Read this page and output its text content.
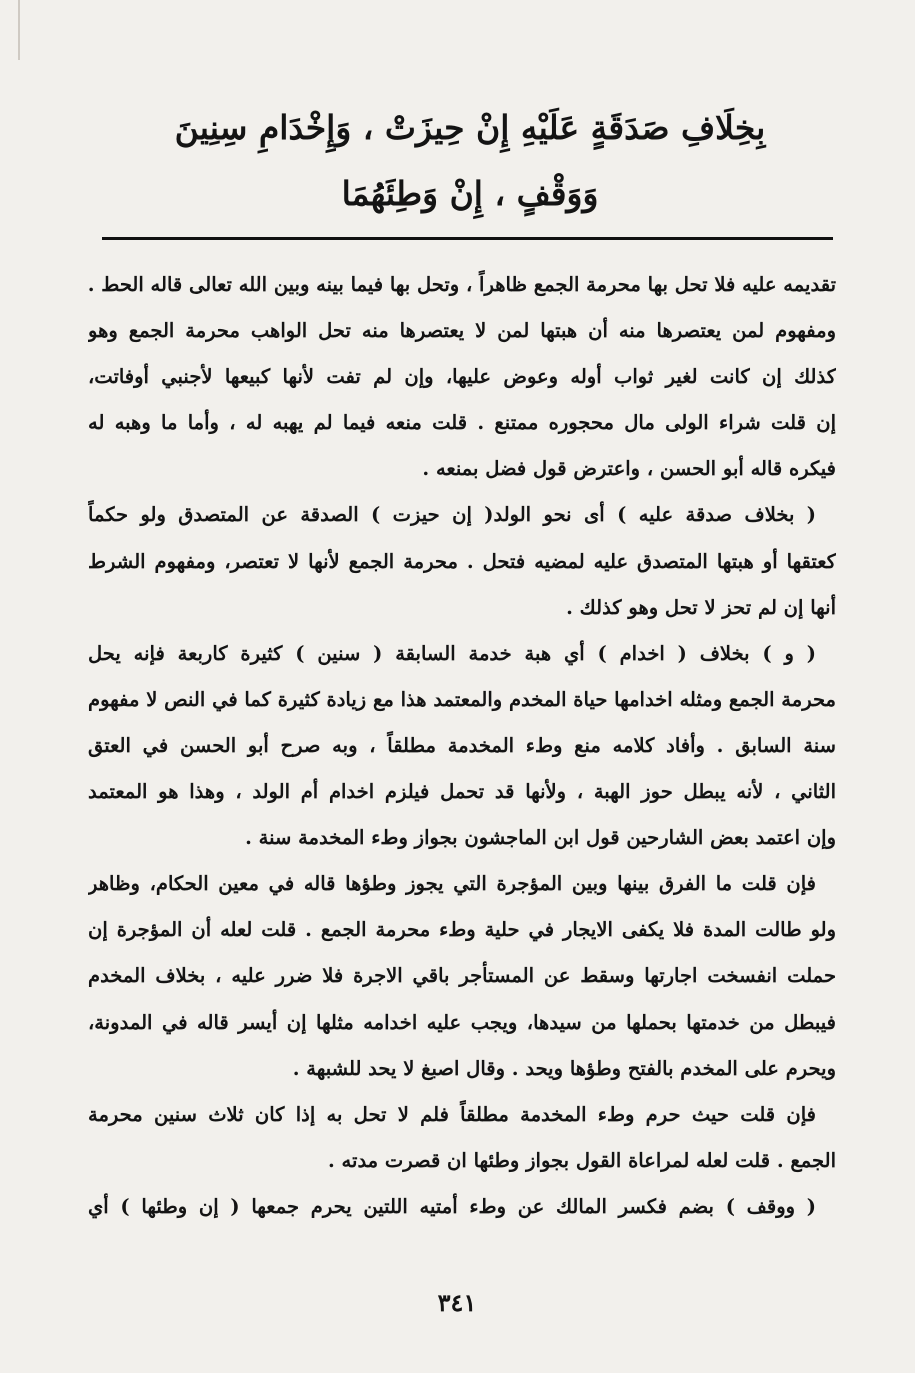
بِخِلَافِ صَدَقَةٍ عَلَيْهِ إِنْ حِيزَتْ ، وَإِخْدَامِ سِنِينَ
وَوَقْفٍ ، إِنْ وَطِئَهُمَا
تقديمه عليه فلا تحل بها محرمة الجمع ظاهراً ، وتحل بها فيما بينه وبين الله تعالى قاله الحط .
ومفهوم لمن يعتصرها منه أن هبتها لمن لا يعتصرها منه تحل الواهب محرمة الجمع وهو
كذلك إن كانت لغير ثواب أوله وعوض عليها، وإن لم تفت لأنها كبيعها لأجنبي أوفاتت،
إن قلت شراء الولى مال محجوره ممتنع . قلت منعه فيما لم يهبه له ، وأما ما وهبه له
فيكره قاله أبو الحسن ، واعترض قول فضل بمنعه .
( بخلاف صدقة عليه ) أى نحو الولد( إن حيزت ) الصدقة عن المتصدق ولو حكماً
كعتقها أو هبتها المتصدق عليه لمضيه فتحل . محرمة الجمع لأنها لا تعتصر، ومفهوم الشرط
أنها إن لم تحز لا تحل وهو كذلك .
( و ) بخلاف ( اخدام ) أي هبة خدمة السابقة ( سنين ) كثيرة كاربعة فإنه يحل
محرمة الجمع ومثله اخدامها حياة المخدم والمعتمد هذا مع زيادة كثيرة كما في النص لا مفهوم
سنة السابق . وأفاد كلامه منع وطء المخدمة مطلقاً ، وبه صرح أبو الحسن في العتق
الثاني ، لأنه يبطل حوز الهبة ، ولأنها قد تحمل فيلزم اخدام أم الولد ، وهذا هو المعتمد
وإن اعتمد بعض الشارحين قول ابن الماجشون بجواز وطء المخدمة سنة .
فإن قلت ما الفرق بينها وبين المؤجرة التي يجوز وطؤها قاله في معين الحكام، وظاهر
ولو طالت المدة فلا يكفى الايجار في حلية وطء محرمة الجمع . قلت لعله أن المؤجرة إن
حملت انفسخت اجارتها وسقط عن المستأجر باقي الاجرة فلا ضرر عليه ، بخلاف المخدم
فيبطل من خدمتها بحملها من سيدها، ويجب عليه اخدامه مثلها إن أيسر قاله في المدونة،
ويحرم على المخدم بالفتح وطؤها ويحد . وقال اصبغ لا يحد للشبهة .
فإن قلت حيث حرم وطء المخدمة مطلقاً فلم لا تحل به إذا كان ثلاث سنين محرمة
الجمع . قلت لعله لمراعاة القول بجواز وطئها ان قصرت مدته .
( ووقف ) بضم فكسر المالك عن وطء أمتيه اللتين يحرم جمعها ( إن وطئها ) أي
٣٤١
